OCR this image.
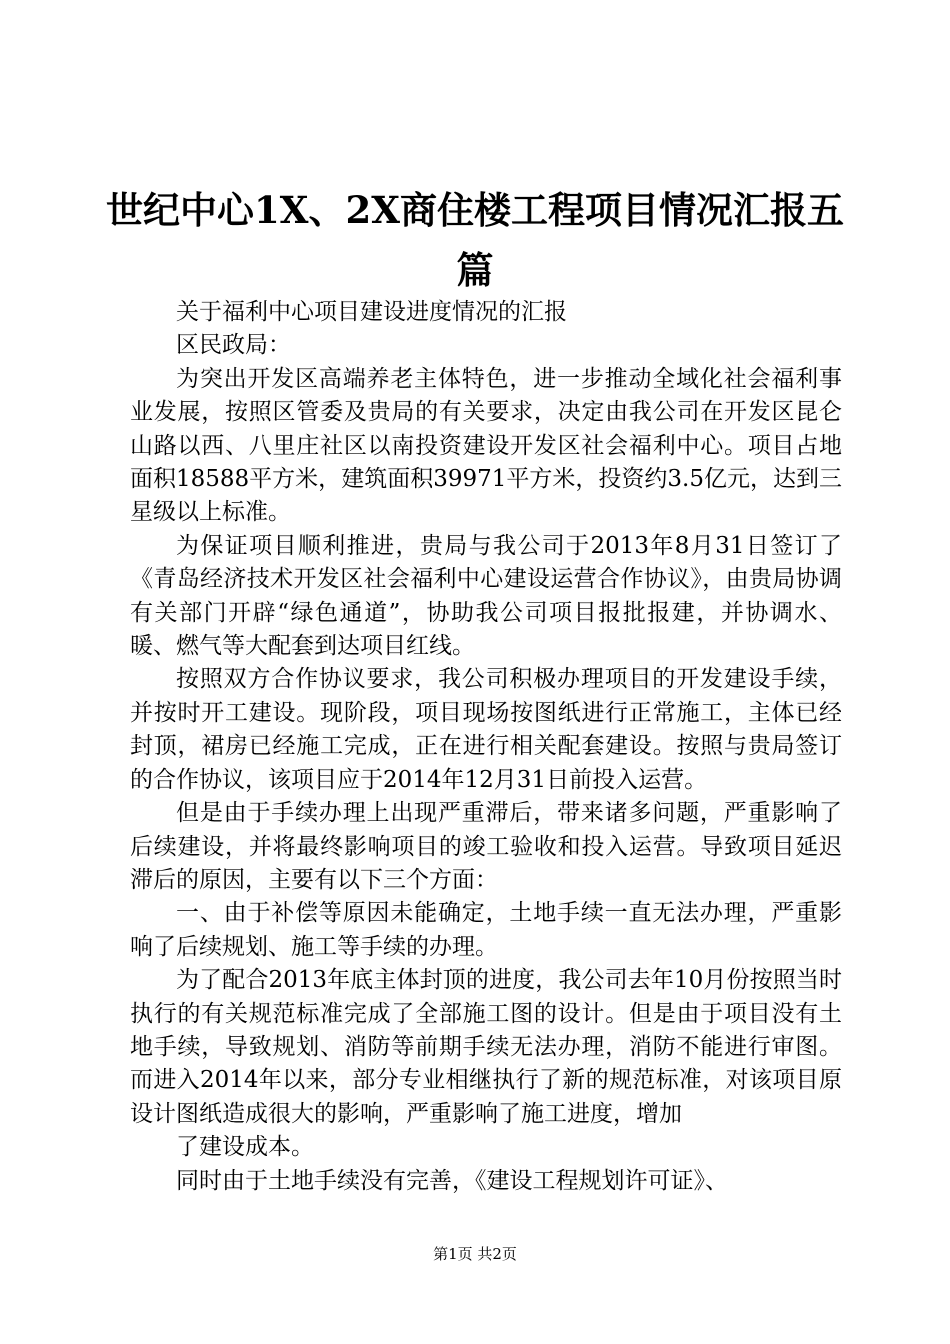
世纪中心1X、2X商住楼工程项目情况汇报五篇

关于福利中心项目建设进度情况的汇报

区民政局：

为突出开发区高端养老主体特色，进一步推动全域化社会福利事业发展，按照区管委及贵局的有关要求，决定由我公司在开发区昆仑山路以西、八里庄社区以南投资建设开发区社会福利中心。项目占地面积18588平方米，建筑面积39971平方米，投资约3.5亿元，达到三星级以上标准。

为保证项目顺利推进，贵局与我公司于2013年8月31日签订了《青岛经济技术开发区社会福利中心建设运营合作协议》，由贵局协调有关部门开辟“绿色通道”，协助我公司项目报批报建，并协调水、暖、燃气等大配套到达项目红线。

按照双方合作协议要求，我公司积极办理项目的开发建设手续，并按时开工建设。现阶段，项目现场按图纸进行正常施工，主体已经封顶，裙房已经施工完成，正在进行相关配套建设。按照与贵局签订的合作协议，该项目应于2014年12月31日前投入运营。

但是由于手续办理上出现严重滞后，带来诸多问题，严重影响了后续建设，并将最终影响项目的竣工验收和投入运营。导致项目延迟滞后的原因，主要有以下三个方面：

一、由于补偿等原因未能确定，土地手续一直无法办理，严重影响了后续规划、施工等手续的办理。

为了配合2013年底主体封顶的进度，我公司去年10月份按照当时执行的有关规范标准完成了全部施工图的设计。但是由于项目没有土地手续，导致规划、消防等前期手续无法办理，消防不能进行审图。而进入2014年以来，部分专业相继执行了新的规范标准，对该项目原设计图纸造成很大的影响，严重影响了施工进度，增加

了建设成本。

同时由于土地手续没有完善，《建设工程规划许可证》、

第1页 共2页
